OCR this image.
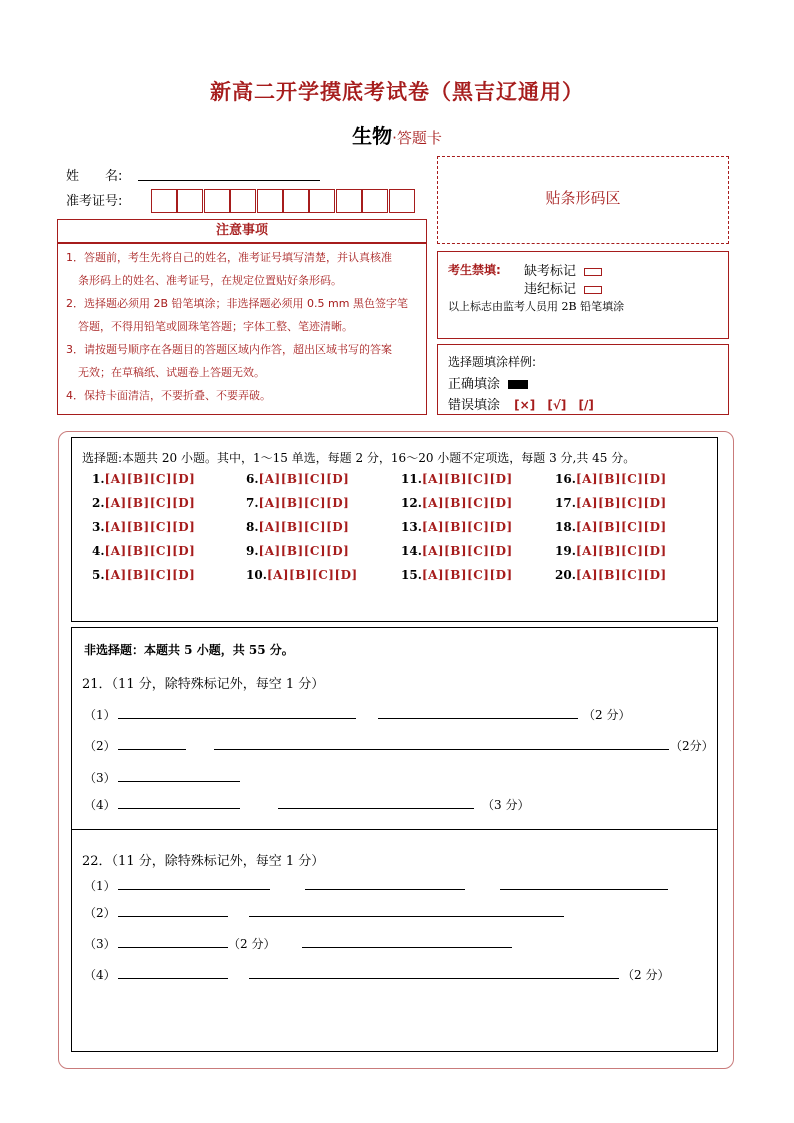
新高二开学摸底考试卷（黑吉辽通用）
生物·答题卡
姓　　名:
准考证号:	贴条形码区
注意事项
1．答题前，考生先将自己的姓名，准考证号填写清楚，并认真核准
条形码上的姓名、准考证号，在规定位置贴好条形码。
2．选择题必须用 2B 铅笔填涂；非选择题必须用 0.5 mm 黑色签字笔
答题，不得用铅笔或圆珠笔答题；字体工整、笔迹清晰。
3．请按题号顺序在各题目的答题区域内作答，超出区域书写的答案
无效；在草稿纸、试题卷上答题无效。
4．保持卡面清洁，不要折叠、不要弄破。
考生禁填: 缺考标记
违纪标记
以上标志由监考人员用 2B 铅笔填涂
选择题填涂样例:
正确填涂
错误填涂 [×] [√] [/]
选择题:本题共 20 小题。其中，1～15 单选，每题 2 分，16～20 小题不定项选，每题 3 分,共 45 分。
1.[A][B][C][D]
2.[A][B][C][D]
3.[A][B][C][D]
4.[A][B][C][D]
5.[A][B][C][D]
6.[A][B][C][D]
7.[A][B][C][D]
8.[A][B][C][D]
9.[A][B][C][D]
10.[A][B][C][D]
11.[A][B][C][D]
12.[A][B][C][D]
13.[A][B][C][D]
14.[A][B][C][D]
15.[A][B][C][D]
16.[A][B][C][D]
17.[A][B][C][D]
18.[A][B][C][D]
19.[A][B][C][D]
20.[A][B][C][D]
非选择题：本题共 5 小题，共 55 分。
21．（11 分，除特殊标记外，每空 1 分）
（1）	（2 分）
（2）	（2分）
（3）
（4）	（3 分）
22．（11 分，除特殊标记外，每空 1 分）
（1）
（2）
（3）	（2 分）
（4）	（2 分）
